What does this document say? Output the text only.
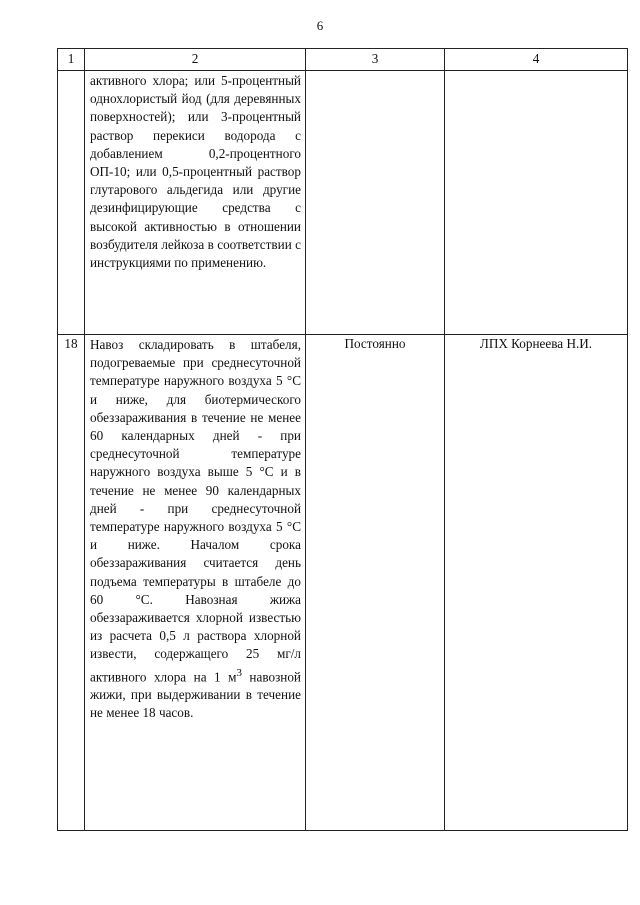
6
1	2	3	4

	активного хлора; или 5-процентный однохлористый йод (для деревянных поверхностей); или 3-процентный раствор перекиси водорода с добавлением 0,2-процентного ОП-10; или 0,5-процентный раствор глутарового альдегида или другие дезинфицирующие средства с высокой активностью в отношении возбудителя лейкоза в соответствии с инструкциями по применению.		

18	Навоз складировать в штабеля, подогреваемые при среднесуточной температуре наружного воздуха 5 °С и ниже, для биотермического обеззараживания в течение не менее 60 календарных дней - при среднесуточной температуре наружного воздуха выше 5 °С и в течение не менее 90 календарных дней - при среднесуточной температуре наружного воздуха 5 °С и ниже. Началом срока обеззараживания считается день подъема температуры в штабеле до 60 °С. Навозная жижа обеззараживается хлорной известью из расчета 0,5 л раствора хлорной извести, содержащего 25 мг/л активного хлора на 1 $м^3$ навозной жижи, при выдерживании в течение не менее 18 часов.	Постоянно	ЛПХ Корнеева Н.И.
